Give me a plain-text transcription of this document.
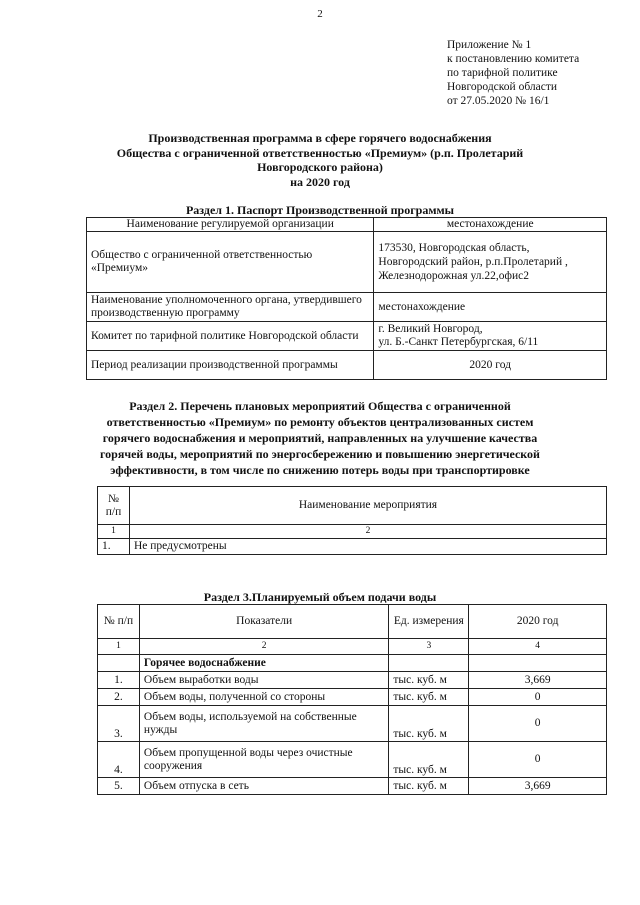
2
Приложение № 1
к постановлению комитета
по тарифной политике
Новгородской области
от 27.05.2020 № 16/1
Производственная программа в сфере горячего водоснабжения
Общества с ограниченной ответственностью «Премиум» (р.п. Пролетарий
Новгородского района)
на 2020 год
Раздел 1. Паспорт Производственной программы
Наименование регулируемой организации	местонахождение
Общество с ограниченной ответственностью «Премиум»	173530, Новгородская область, Новгородский район, р.п.Пролетарий , Железнодорожная ул.22,офис2
Наименование уполномоченного органа, утвердившего производственную программу	местонахождение
Комитет по тарифной политике Новгородской области	г. Великий Новгород,
ул. Б.-Санкт Петербургская, 6/11

Период реализации производственной программы	2020 год
Раздел 2. Перечень плановых мероприятий Общества с ограниченной
ответственностью «Премиум» по ремонту объектов централизованных систем
горячего водоснабжения и мероприятий, направленных на улучшение качества
горячей воды, мероприятий по энергосбережению и повышению энергетической
эффективности, в том числе по снижению потерь воды при транспортировке
№ п/п	Наименование мероприятия
1	2
1.	Не предусмотрены
Раздел 3.Планируемый объем подачи воды
№ п/п	Показатели	Ед. измерения	2020 год
1	2	3	4
	Горячее водоснабжение		
1.	Объем выработки воды	тыс. куб. м	3,669
2.	Объем воды, полученной со стороны	тыс. куб. м	0
3.	Объем воды, используемой на собственные нужды	тыс. куб. м	0
4.	Объем пропущенной воды через очистные сооружения	тыс. куб. м	0
5.	Объем отпуска в сеть	тыс. куб. м	3,669
